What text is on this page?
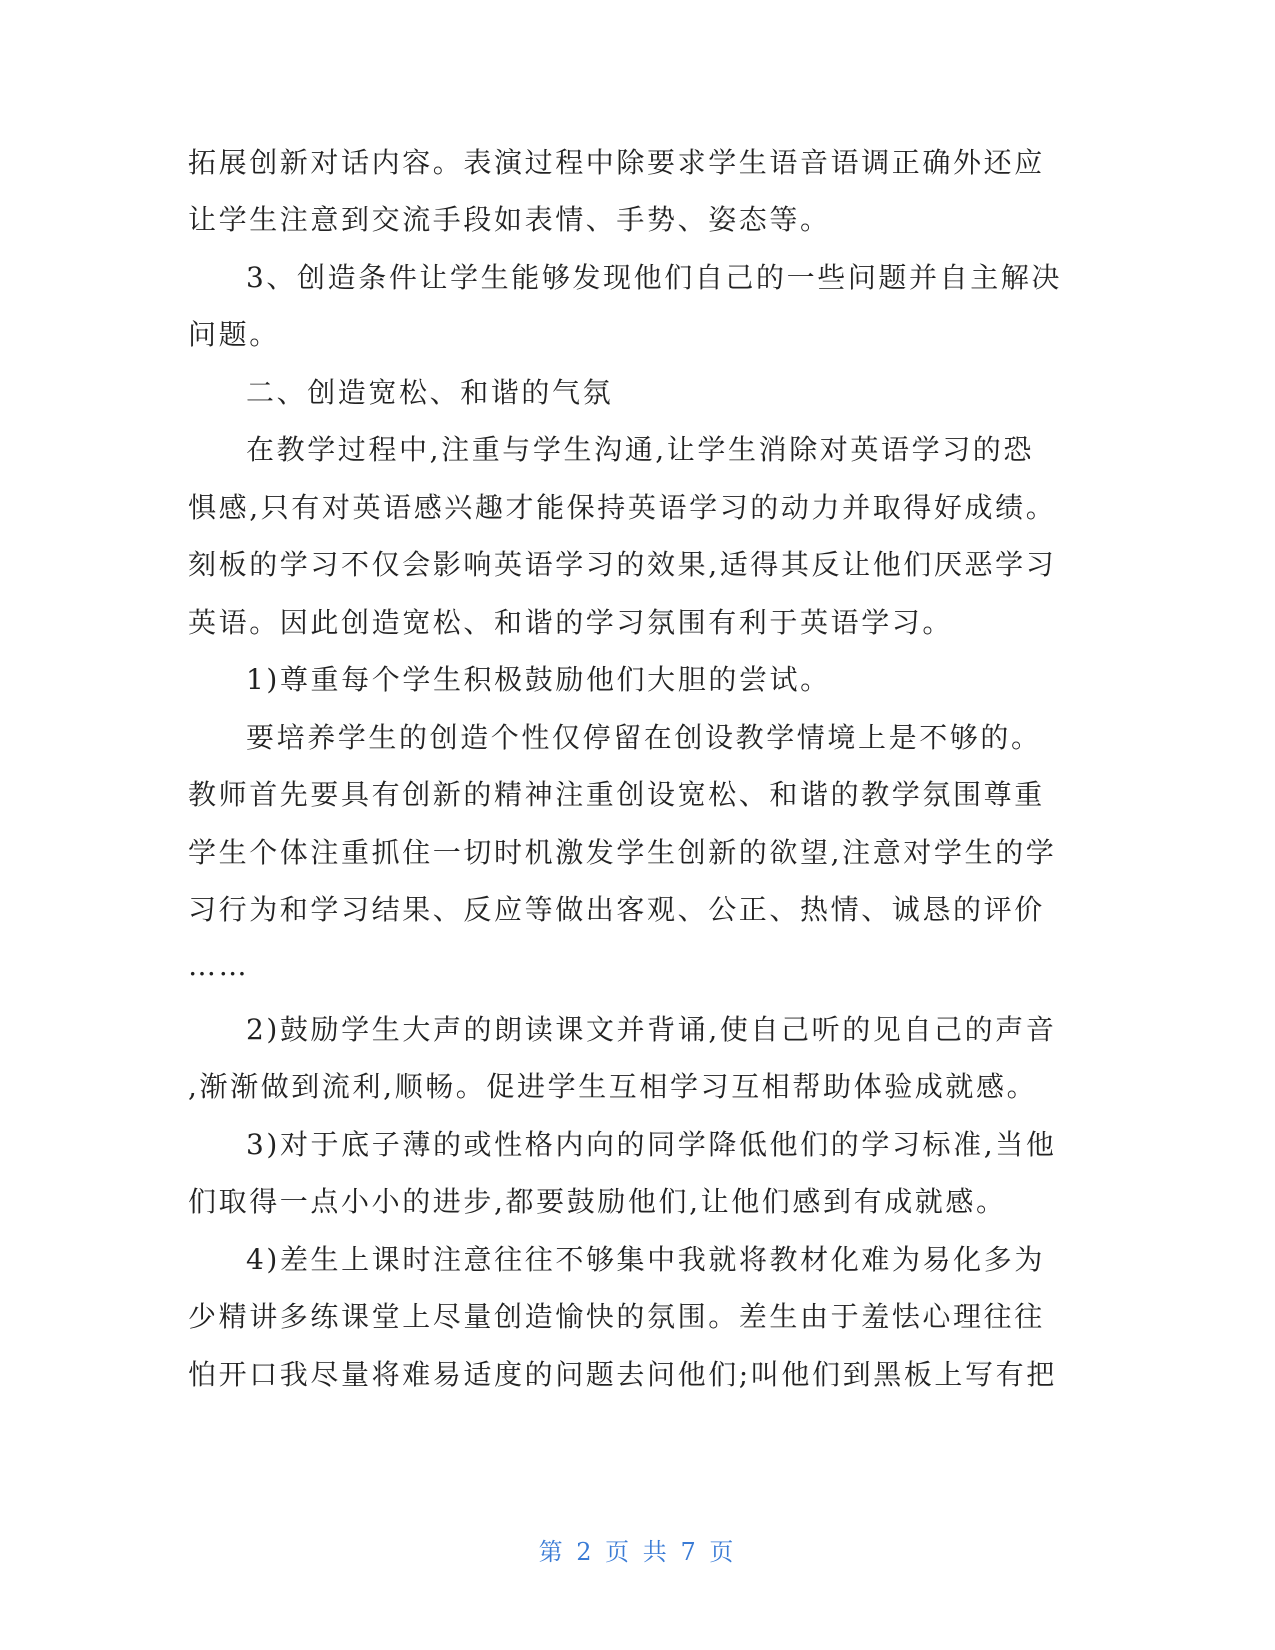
拓展创新对话内容。表演过程中除要求学生语音语调正确外还应
让学生注意到交流手段如表情、手势、姿态等。
3、创造条件让学生能够发现他们自己的一些问题并自主解决
问题。
二、创造宽松、和谐的气氛
在教学过程中,注重与学生沟通,让学生消除对英语学习的恐
惧感,只有对英语感兴趣才能保持英语学习的动力并取得好成绩。
刻板的学习不仅会影响英语学习的效果,适得其反让他们厌恶学习
英语。因此创造宽松、和谐的学习氛围有利于英语学习。
1)尊重每个学生积极鼓励他们大胆的尝试。
要培养学生的创造个性仅停留在创设教学情境上是不够的。
教师首先要具有创新的精神注重创设宽松、和谐的教学氛围尊重
学生个体注重抓住一切时机激发学生创新的欲望,注意对学生的学
习行为和学习结果、反应等做出客观、公正、热情、诚恳的评价
……
2)鼓励学生大声的朗读课文并背诵,使自己听的见自己的声音
,渐渐做到流利,顺畅。促进学生互相学习互相帮助体验成就感。
3)对于底子薄的或性格内向的同学降低他们的学习标准,当他
们取得一点小小的进步,都要鼓励他们,让他们感到有成就感。
4)差生上课时注意往往不够集中我就将教材化难为易化多为
少精讲多练课堂上尽量创造愉快的氛围。差生由于羞怯心理往往
怕开口我尽量将难易适度的问题去问他们;叫他们到黑板上写有把
第 2 页 共 7 页
